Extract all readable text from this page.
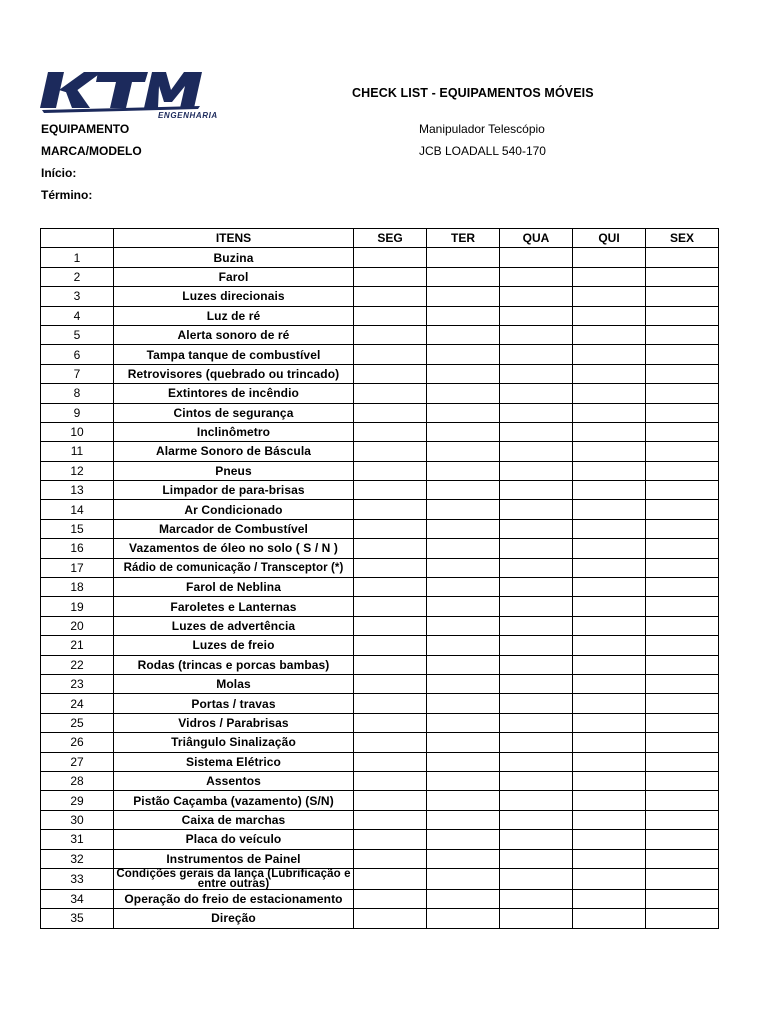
ENGENHARIA
CHECK LIST - EQUIPAMENTOS MÓVEIS
EQUIPAMENTO	Manipulador Telescópio
MARCA/MODELO	JCB LOADALL 540-170
Início:
Término:
	ITENS	SEG	TER	QUA	QUI	SEX
1	Buzina					
2	Farol					
3	Luzes direcionais					
4	Luz de ré					
5	Alerta sonoro de ré					
6	Tampa tanque de combustível					
7	Retrovisores (quebrado ou trincado)					
8	Extintores de incêndio					
9	Cintos de segurança					
10	Inclinômetro					
11	Alarme Sonoro de Báscula					
12	Pneus					
13	Limpador de para-brisas					
14	Ar Condicionado					
15	Marcador de Combustível					
16	Vazamentos de óleo no solo ( S / N )					
17	Rádio de comunicação / Transceptor (*)					
18	Farol de Neblina					
19	Faroletes e Lanternas					
20	Luzes de advertência					
21	Luzes de freio					
22	Rodas (trincas e porcas bambas)					
23	Molas					
24	Portas / travas					
25	Vidros / Parabrisas					
26	Triângulo Sinalização					
27	Sistema Elétrico					
28	Assentos					
29	Pistão Caçamba (vazamento) (S/N)					
30	Caixa de marchas					
31	Placa do veículo					
32	Instrumentos de Painel					
33	Condições gerais da lança (Lubrificação e entre outras)					
34	Operação do freio de estacionamento					
35	Direção					
